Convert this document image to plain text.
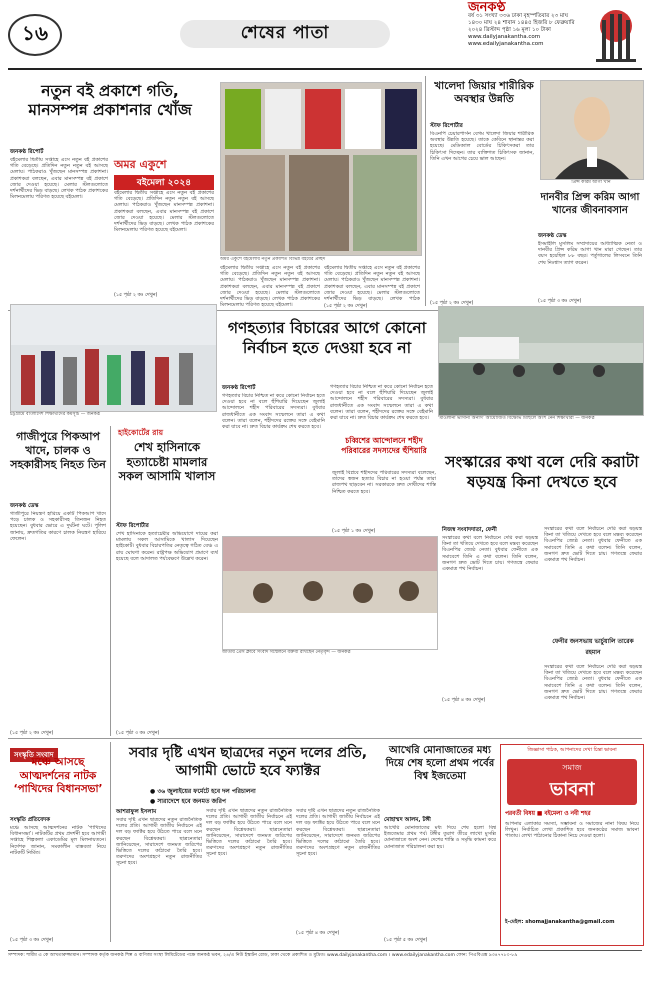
১৬	শেষের পাতা
জনকণ্ঠ
বর্ষ ৩১ সংখ্যা ৩৩৬ ঢাকা বৃহস্পতিবার ২৩ মাঘ ১৪৩০ মাঘ ২৪ শাবান ১৪৪৫ হিজরি ৮ ফেব্রুয়ারি ২০২৪ খ্রিস্টাব্দ পৃষ্ঠা ১৬ মূল্য ১০ টাকা
www.dailyjanakantha.com
www.edailyjanakantha.com
নতুন বই প্রকাশে গতি, মানসম্পন্ন প্রকাশনার খোঁজ
জনকণ্ঠ রিপোর্ট
বইমেলার দ্বিতীয় সপ্তাহে এসে নতুন বই প্রকাশের গতি বেড়েছে। প্রতিদিন নতুন নতুন বই আসছে মেলায়। পাঠকরাও খুঁজছেন মানসম্পন্ন প্রকাশনা। প্রকাশকরা বলছেন, এবার মানসম্পন্ন বই প্রকাশে জোর দেওয়া হয়েছে। মেলার স্টলগুলোতে দর্শনার্থীদের ভিড় বাড়ছে। লেখক পাঠক প্রকাশকের মিলনমেলায় পরিণত হয়েছে বইমেলা।
অমর একুশে
বইমেলা ২০২৪
বইমেলার দ্বিতীয় সপ্তাহে এসে নতুন বই প্রকাশের গতি বেড়েছে। প্রতিদিন নতুন নতুন বই আসছে মেলায়। পাঠকরাও খুঁজছেন মানসম্পন্ন প্রকাশনা। প্রকাশকরা বলছেন, এবার মানসম্পন্ন বই প্রকাশে জোর দেওয়া হয়েছে। মেলার স্টলগুলোতে দর্শনার্থীদের ভিড় বাড়ছে। লেখক পাঠক প্রকাশকের মিলনমেলায় পরিণত হয়েছে বইমেলা।
(১৫ পৃষ্ঠা ২ কঃ দেখুন)
অমর একুশে বইমেলায় নতুন প্রকাশিত বিভিন্ন বইয়ের প্রচ্ছদ
বইমেলার দ্বিতীয় সপ্তাহে এসে নতুন বই প্রকাশের গতি বেড়েছে। প্রতিদিন নতুন নতুন বই আসছে মেলায়। পাঠকরাও খুঁজছেন মানসম্পন্ন প্রকাশনা। প্রকাশকরা বলছেন, এবার মানসম্পন্ন বই প্রকাশে জোর দেওয়া হয়েছে। মেলার স্টলগুলোতে দর্শনার্থীদের ভিড় বাড়ছে। লেখক পাঠক প্রকাশকের মিলনমেলায় পরিণত হয়েছে বইমেলা।
বইমেলার দ্বিতীয় সপ্তাহে এসে নতুন বই প্রকাশের গতি বেড়েছে। প্রতিদিন নতুন নতুন বই আসছে মেলায়। পাঠকরাও খুঁজছেন মানসম্পন্ন প্রকাশনা। প্রকাশকরা বলছেন, এবার মানসম্পন্ন বই প্রকাশে জোর দেওয়া হয়েছে। মেলার স্টলগুলোতে দর্শনার্থীদের ভিড় বাড়ছে। লেখক পাঠক
(১৫ পৃষ্ঠা ২ কঃ দেখুন)
খালেদা জিয়ার শারীরিক অবস্থার উন্নতি
স্টাফ রিপোর্টার
বিএনপি চেয়ারপার্সন বেগম খালেদা জিয়ার শারীরিক অবস্থার উন্নতি হয়েছে। তাকে কেবিনে স্থানান্তর করা হয়েছে। মেডিক্যাল বোর্ডের চিকিৎসকরা তার চিকিৎসা দিচ্ছেন। তার ব্যক্তিগত চিকিৎসক জানান, তিনি এখন আগের চেয়ে ভাল আছেন।
(১৫ পৃষ্ঠা ২ কঃ দেখুন)
প্রিন্স করিম আগা খান
দানবীর প্রিন্স করিম আগা খানের জীবনাবসান
জনকণ্ঠ ডেস্ক
ইসমাইলি মুসলিম সম্প্রদায়ের আধ্যাত্মিক নেতা ও দানবীর প্রিন্স করিম আগা খান মারা গেছেন। তার বয়স হয়েছিল ৮৮ বছর। পর্তুগালের লিসবনে তিনি শেষ নিঃশ্বাস ত্যাগ করেন।
(১৫ পৃষ্ঠা ৩ কঃ দেখুন)
চট্টগ্রামে বাংলাদেশ শিক্ষার্থীদের কর্মসূচি — জনকণ্ঠ
গণহত্যার বিচারের আগে কোনো নির্বাচন হতে দেওয়া হবে না
জনকণ্ঠ রিপোর্ট
গণহত্যার বিচার নিশ্চিত না করে কোনো নির্বাচন হতে দেওয়া হবে না বলে হুঁশিয়ারি দিয়েছেন জুলাই আন্দোলনে শহীদ পরিবারের সদস্যরা। বুধবার রাজধানীতে এক সংবাদ সম্মেলনে তারা এ কথা বলেন। তারা বলেন, শহীদদের রক্তের সঙ্গে বেইমানি করা যাবে না। দ্রুত বিচার কার্যক্রম শেষ করতে হবে।
গণহত্যার বিচার নিশ্চিত না করে কোনো নির্বাচন হতে দেওয়া হবে না বলে হুঁশিয়ারি দিয়েছেন জুলাই আন্দোলনে শহীদ পরিবারের সদস্যরা। বুধবার রাজধানীতে এক সংবাদ সম্মেলনে তারা এ কথা বলেন। তারা বলেন, শহীদদের রক্তের সঙ্গে বেইমানি করা যাবে না। দ্রুত বিচার কার্যক্রম শেষ করতে হবে।	‘মাওলানা ভাসানী অনার্স’ আয়োজিত বিক্ষোভ মিছিলে অংশ নেন শিক্ষার্থীরা — জনকণ্ঠ
গাজীপুরে পিকআপ খাদে, চালক ও সহকারীসহ নিহত তিন
জনকণ্ঠ ডেস্ক
গাজীপুরে নিয়ন্ত্রণ হারিয়ে একটি পিকআপ খাদে পড়ে চালক ও সহকারীসহ তিনজন নিহত হয়েছেন। বুধবার ভোরে এ দুর্ঘটনা ঘটে। পুলিশ জানায়, দ্রুতগতির কারণে চালক নিয়ন্ত্রণ হারিয়ে ফেলেন।
(১৫ পৃষ্ঠা ২ কঃ দেখুন)
হাইকোর্টের রায়
শেখ হাসিনাকে হত্যাচেষ্টা মামলার সকল আসামি খালাস
স্টাফ রিপোর্টার
শেখ হাসিনাকে হত্যাচেষ্টার অভিযোগে দায়ের করা মামলায় সকল আসামিকে খালাস দিয়েছেন হাইকোর্ট। বুধবার বিচারপতির নেতৃত্বে গঠিত বেঞ্চ এ রায় ঘোষণা করেন। রাষ্ট্রপক্ষ অভিযোগ প্রমাণে ব্যর্থ হয়েছে বলে আদালত পর্যবেক্ষণে উল্লেখ করেন।
(১৫ পৃষ্ঠা ৩ কঃ দেখুন)
চব্বিশের আন্দোলনে শহীদ পরিবারের সদস্যদের হুঁশিয়ারি
জুলাই বিপ্লবে শহীদদের পরিবারের সদস্যরা বলেছেন, তাদের স্বজন হত্যার বিচার না হওয়া পর্যন্ত তারা রাজপথ ছাড়বেন না। সরকারকে দ্রুত দোষীদের শাস্তি নিশ্চিত করতে হবে।
(১৫ পৃষ্ঠা ১ কঃ দেখুন)
জাতীয় প্রেস ক্লাবে সংবাদ সম্মেলনে বক্তব্য রাখছেন নেতৃবৃন্দ — জনকণ্ঠ
সংস্কারের কথা বলে দেরি করাটা ষড়যন্ত্র কিনা দেখতে হবে
নিজস্ব সংবাদদাতা, ফেনী
সংস্কারের কথা বলে নির্বাচনে দেরি করা ষড়যন্ত্র কিনা তা খতিয়ে দেখতে হবে বলে মন্তব্য করেছেন বিএনপির জ্যেষ্ঠ নেতা। বুধবার ফেনীতে এক সমাবেশে তিনি এ কথা বলেন। তিনি বলেন, জনগণ দ্রুত ভোট দিতে চায়। গণতন্ত্রে ফেরার একমাত্র পথ নির্বাচন।
সংস্কারের কথা বলে নির্বাচনে দেরি করা ষড়যন্ত্র কিনা তা খতিয়ে দেখতে হবে বলে মন্তব্য করেছেন বিএনপির জ্যেষ্ঠ নেতা। বুধবার ফেনীতে এক সমাবেশে তিনি এ কথা বলেন। তিনি বলেন, জনগণ দ্রুত ভোট দিতে চায়। গণতন্ত্রে ফেরার একমাত্র পথ নির্বাচন।
ফেনীর জনসভায় ভার্চুয়ালি তারেক রহমান
সংস্কারের কথা বলে নির্বাচনে দেরি করা ষড়যন্ত্র কিনা তা খতিয়ে দেখতে হবে বলে মন্তব্য করেছেন বিএনপির জ্যেষ্ঠ নেতা। বুধবার ফেনীতে এক সমাবেশে তিনি এ কথা বলেন। তিনি বলেন, জনগণ দ্রুত ভোট দিতে চায়। গণতন্ত্রে ফেরার একমাত্র পথ নির্বাচন।
(১৫ পৃষ্ঠা ৪ কঃ দেখুন)
সংস্কৃতি সংবাদ
মঞ্চে আসছে আত্মদর্শনের নাটক ‘পাখিদের বিধানসভা’
সংস্কৃতি প্রতিবেদক
মঞ্চে আসছে আত্মদর্শনের নাটক ‘পাখিদের বিধানসভা’। নাটকটির প্রথম প্রদর্শনী হবে আগামী সপ্তাহে শিল্পকলা একাডেমির মূল মিলনায়তনে। নির্দেশক জানান, সমকালীন বাস্তবতা নিয়ে নাটকটি নির্মিত।
(১৫ পৃষ্ঠা ৩ কঃ দেখুন)
সবার দৃষ্টি এখন ছাত্রদের নতুন দলের প্রতি, আগামী ভোটে হবে ফ্যাক্টর
● ৩৬ জুলাইয়ের ফর্মেটে হবে দল পরিচালনা
● সারাদেশে হবে জনমত জরিপ
আশরাফুল ইসলাম
সবার দৃষ্টি এখন ছাত্রদের নতুন রাজনৈতিক দলের প্রতি। আগামী জাতীয় নির্বাচনে এই দল বড় ফ্যাক্টর হয়ে উঠতে পারে বলে মনে করছেন বিশ্লেষকরা। ছাত্রনেতারা জানিয়েছেন, সারাদেশে জনমত জরিপের ভিত্তিতে দলের কাঠামো তৈরি হবে। তরুণদের অংশগ্রহণে নতুন রাজনীতির সূচনা হবে।
সবার দৃষ্টি এখন ছাত্রদের নতুন রাজনৈতিক দলের প্রতি। আগামী জাতীয় নির্বাচনে এই দল বড় ফ্যাক্টর হয়ে উঠতে পারে বলে মনে করছেন বিশ্লেষকরা। ছাত্রনেতারা জানিয়েছেন, সারাদেশে জনমত জরিপের ভিত্তিতে দলের কাঠামো তৈরি হবে। তরুণদের অংশগ্রহণে নতুন রাজনীতির সূচনা হবে।
সবার দৃষ্টি এখন ছাত্রদের নতুন রাজনৈতিক দলের প্রতি। আগামী জাতীয় নির্বাচনে এই দল বড় ফ্যাক্টর হয়ে উঠতে পারে বলে মনে করছেন বিশ্লেষকরা। ছাত্রনেতারা জানিয়েছেন, সারাদেশে জনমত জরিপের ভিত্তিতে দলের কাঠামো তৈরি হবে। তরুণদের অংশগ্রহণে নতুন রাজনীতির সূচনা হবে।
(১৫ পৃষ্ঠা ৪ কঃ দেখুন)
আখেরি মোনাজাতের মধ্য দিয়ে শেষ হলো প্রথম পর্বের বিশ্ব ইজতেমা
মোহাম্মদ আলম, টঙ্গী
আখেরি মোনাজাতের মধ্য দিয়ে শেষ হলো বিশ্ব ইজতেমার প্রথম পর্ব। টঙ্গীর তুরাগ তীরে লাখো মুসল্লি মোনাজাতে অংশ নেন। দেশের শান্তি ও সমৃদ্ধি কামনা করে মোনাজাত পরিচালনা করা হয়।
(১৫ পৃষ্ঠা ৫ কঃ দেখুন)
জিজ্ঞাসা পাঠক, আপনাদের দেখা চিন্তা ভাবনা
সমাজ
ভাবনা
পরবর্তী বিষয় ■ বইমেলা ও নবী শহর
আপনার এলাকার সমস্যা, সম্ভাবনা ও সমাজের নানা বিষয় নিয়ে লিখুন। নির্বাচিত লেখা প্রকাশিত হবে জনকণ্ঠের সমাজ ভাবনা পাতায়। লেখা পাঠানোর ঠিকানা নিচে দেওয়া হলো।
ই-মেইল: shomajjanakantha@gmail.com
সম্পাদক: শামীম এ কে আখতারুজ্জামান। সম্পাদক কর্তৃক জনকণ্ঠ শিল্প ও বাণিজ্য সংস্থা লিমিটেডের পক্ষে জনকণ্ঠ ভবন, ২৪/এ নিউ ইস্কাটন রোড, ঢাকা থেকে প্রকাশিত ও মুদ্রিত। www.dailyjanakantha.com । www.edailyjanakantha.com ফোন: পিএবিএক্স ৯৩৪৭৭৮০-৮৯
